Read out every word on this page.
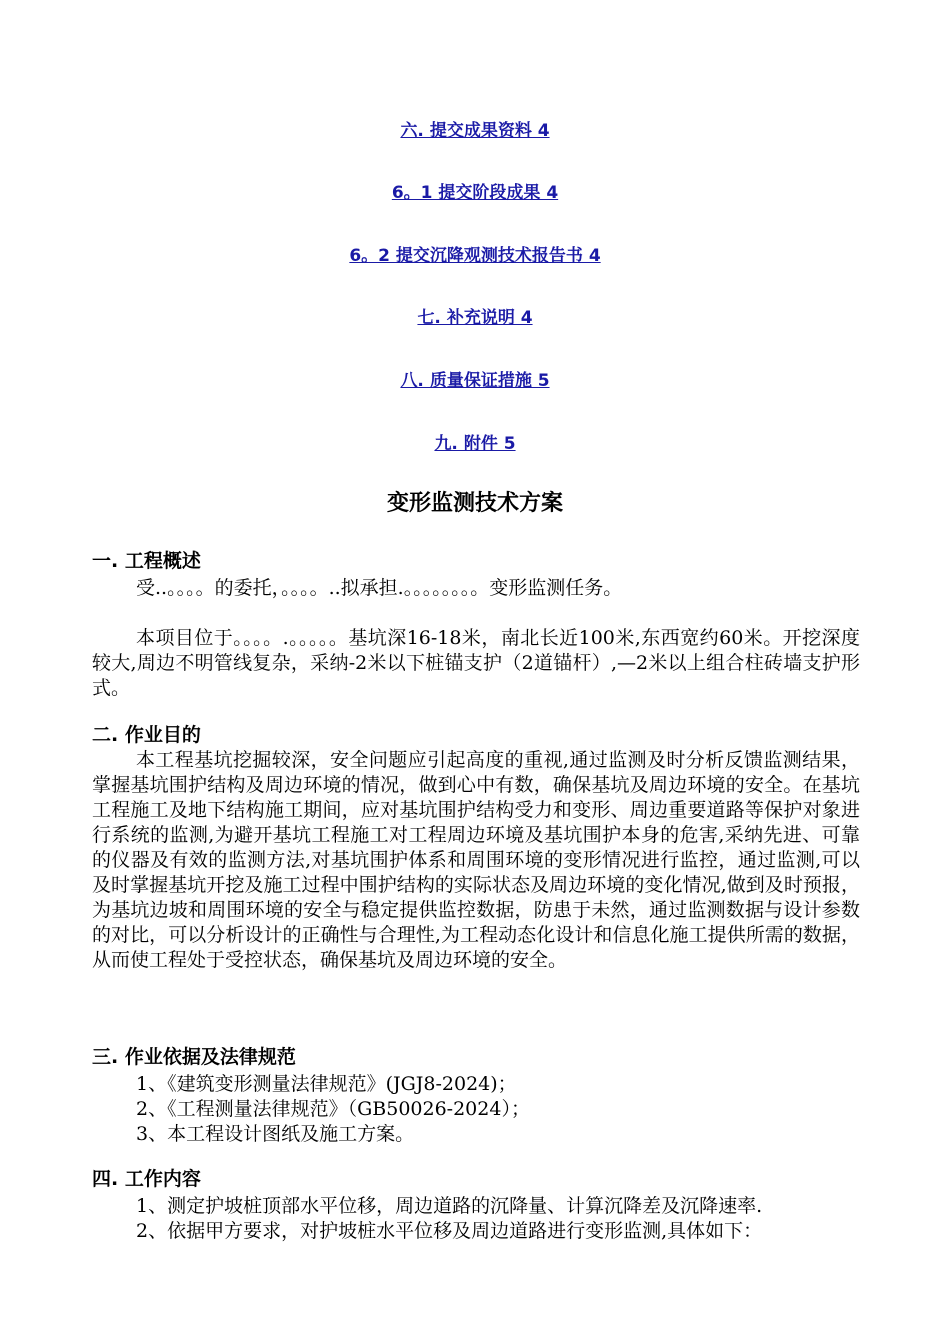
六. 提交成果资料 4
6。1 提交阶段成果 4
6。2 提交沉降观测技术报告书 4
七. 补充说明 4
八. 质量保证措施 5
九. 附件 5
变形监测技术方案
一. 工程概述

受..。。。。的委托，。。。。..拟承担.。。。。。。。。变形监测任务。

本项目位于。。。。.。。。。。基坑深16-18米，南北长近100米,东西宽约60米。开挖深度较大,周边不明管线复杂，采纳-2米以下桩锚支护（2道锚杆）,—2米以上组合柱砖墙支护形式。

二. 作业目的

本工程基坑挖掘较深，安全问题应引起高度的重视,通过监测及时分析反馈监测结果，掌握基坑围护结构及周边环境的情况，做到心中有数，确保基坑及周边环境的安全。在基坑工程施工及地下结构施工期间，应对基坑围护结构受力和变形、周边重要道路等保护对象进行系统的监测,为避开基坑工程施工对工程周边环境及基坑围护本身的危害,采纳先进、可靠的仪器及有效的监测方法,对基坑围护体系和周围环境的变形情况进行监控，通过监测,可以及时掌握基坑开挖及施工过程中围护结构的实际状态及周边环境的变化情况,做到及时预报，为基坑边坡和周围环境的安全与稳定提供监控数据，防患于未然，通过监测数据与设计参数的对比，可以分析设计的正确性与合理性,为工程动态化设计和信息化施工提供所需的数据，从而使工程处于受控状态，确保基坑及周边环境的安全。

三. 作业依据及法律规范
1、《建筑变形测量法律规范》(JGJ8-2024)；
2、《工程测量法律规范》（GB50026-2024）；
3、本工程设计图纸及施工方案。
四. 工作内容
1、测定护坡桩顶部水平位移，周边道路的沉降量、计算沉降差及沉降速率.
2、依据甲方要求，对护坡桩水平位移及周边道路进行变形监测,具体如下：
